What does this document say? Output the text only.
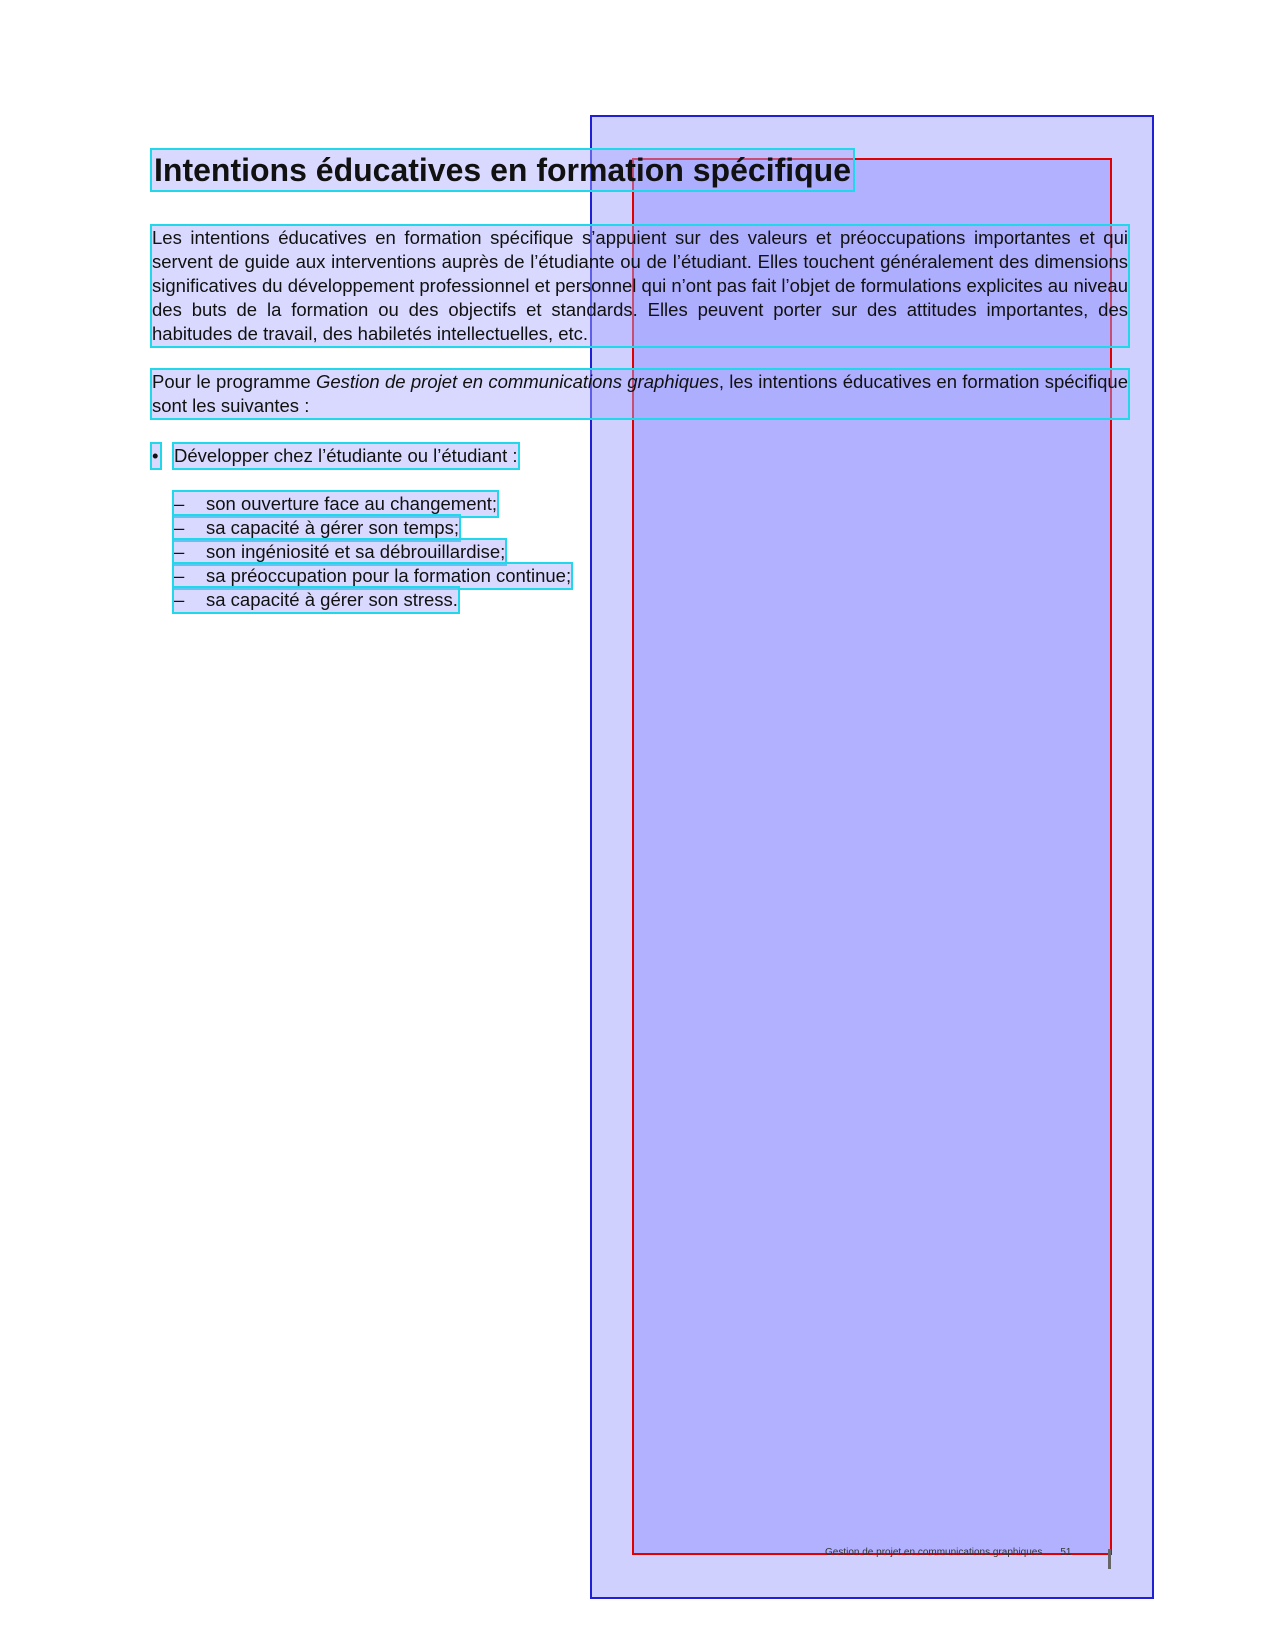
Intentions éducatives en formation spécifique

Les intentions éducatives en formation spécifique s’appuient sur des valeurs et préoccupations importantes et qui servent de guide aux interventions auprès de l’étudiante ou de l’étudiant. Elles touchent généralement des dimensions significatives du développement professionnel et personnel qui n’ont pas fait l’objet de formulations explicites au niveau des buts de la formation ou des objectifs et standards. Elles peuvent porter sur des attitudes importantes, des habitudes de travail, des habiletés intellectuelles, etc.

Pour le programme Gestion de projet en communications graphiques, les intentions éducatives en formation spécifique sont les suivantes :

• Développer chez l’étudiante ou l’étudiant :
–	son ouverture face au changement;

–	sa capacité à gérer son temps;

–	son ingéniosité et sa débrouillardise;

–	sa préoccupation pour la formation continue;

–	sa capacité à gérer son stress.
Gestion de projet en communications graphiques 51
